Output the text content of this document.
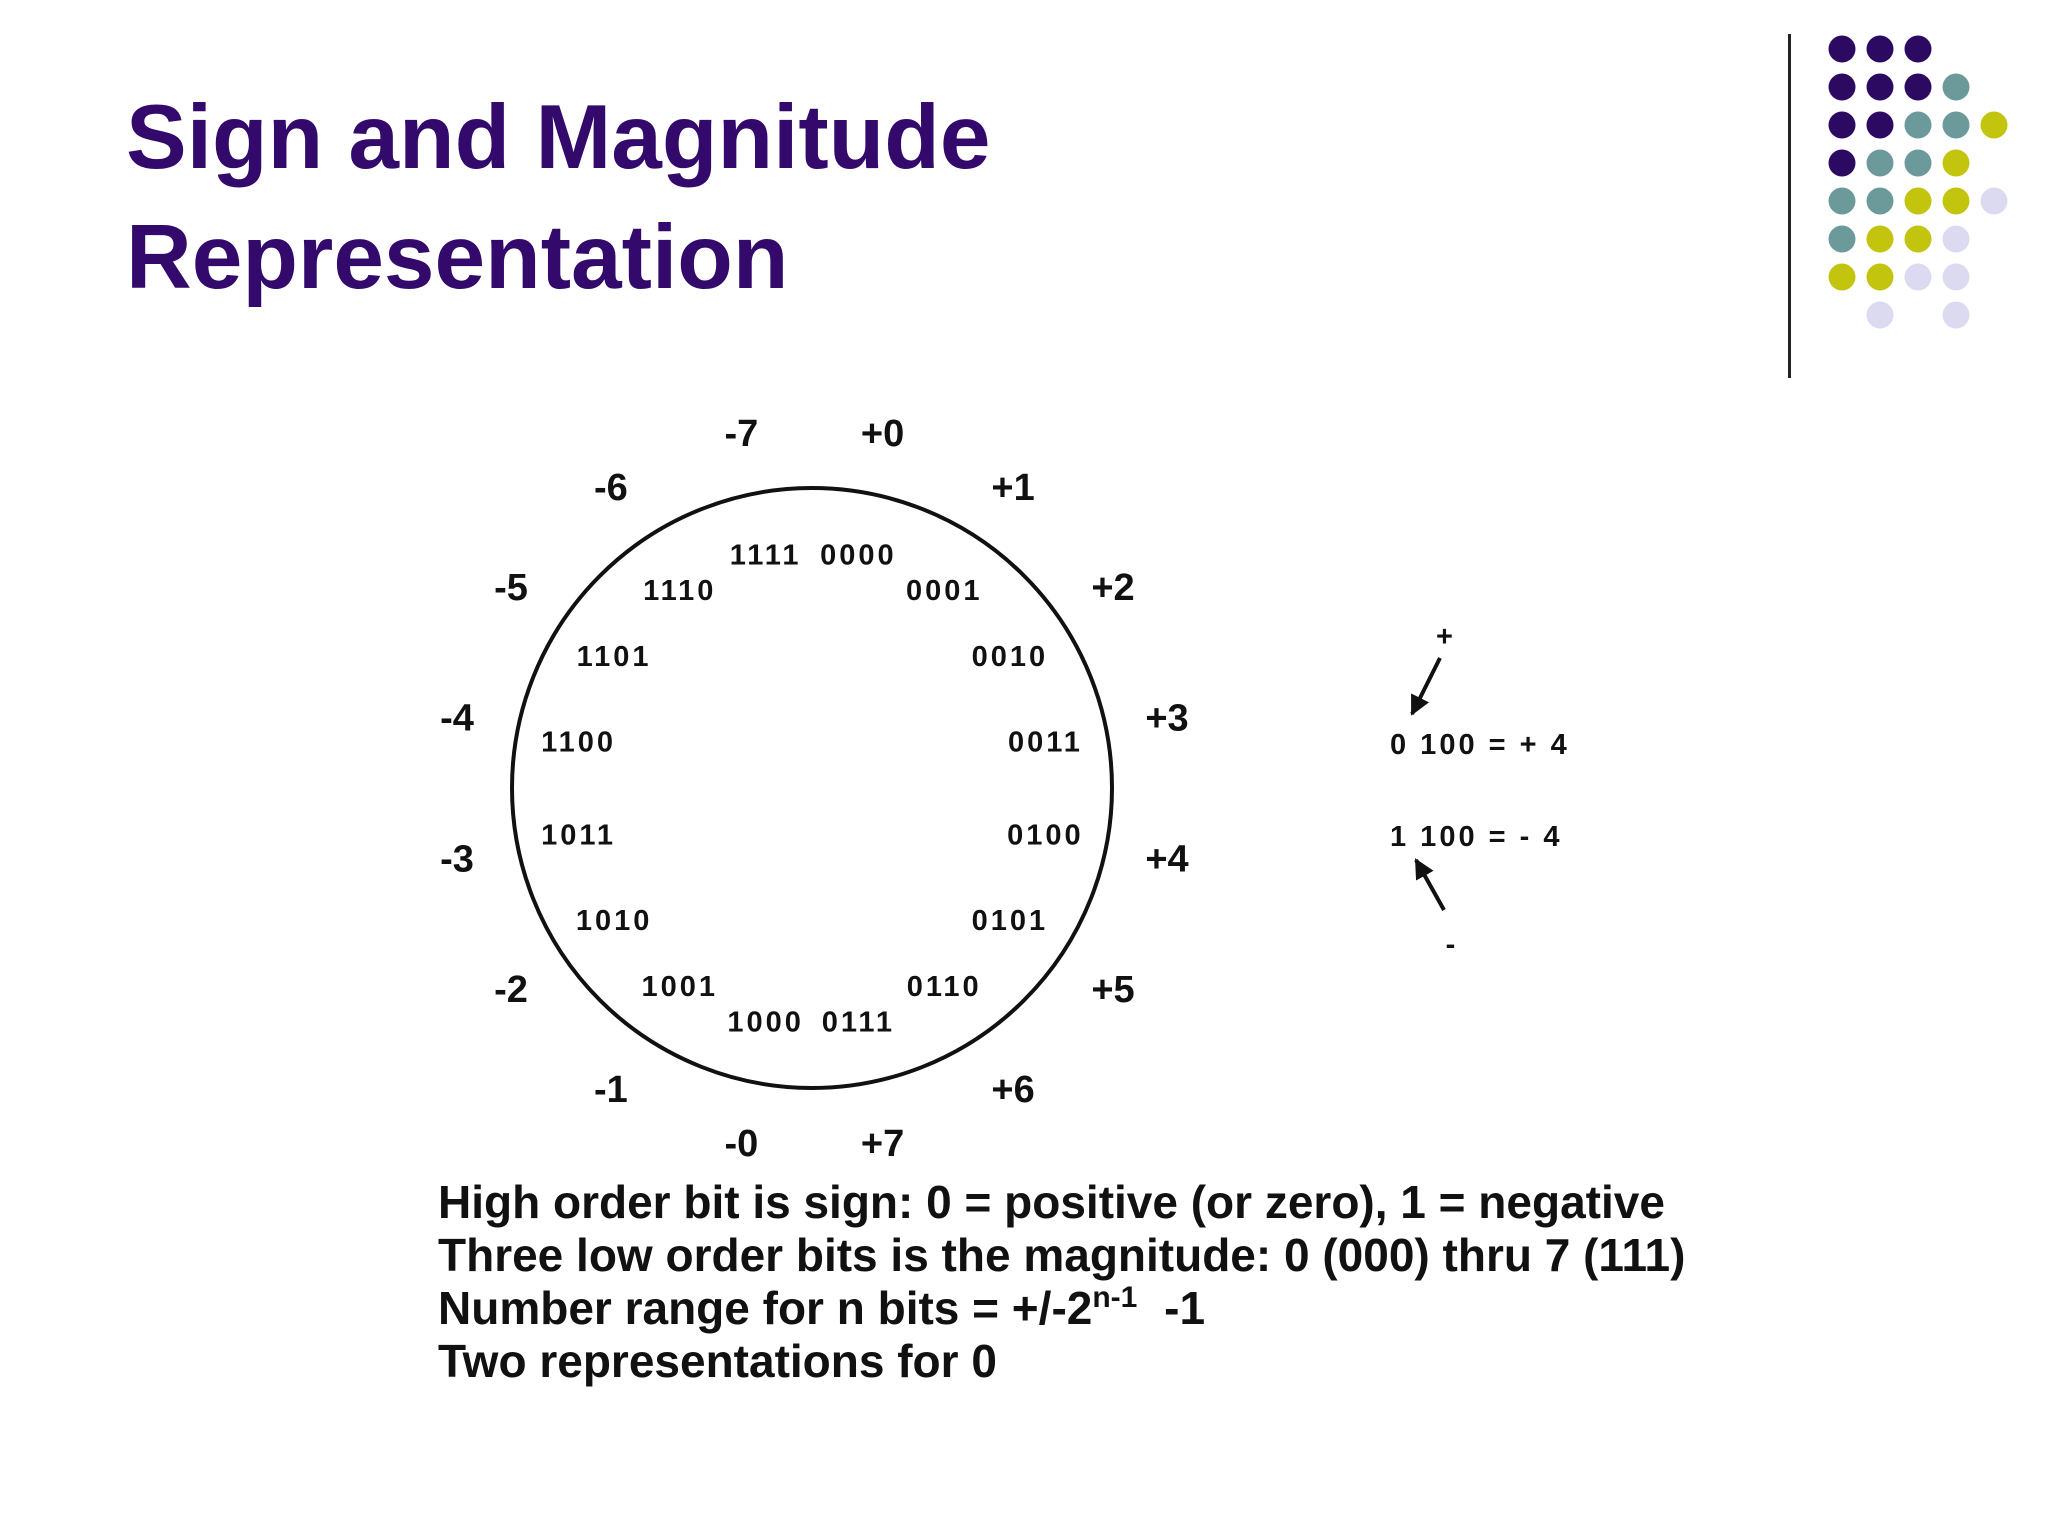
Sign and Magnitude
Representation
0000
+0
0001
+1
0010
+2
0011
+3
0100
+4
0101
+5
0110
+6
0111
+7
1000
-0
1001
-1
1010
-2
1011
-3
1100
-4
1101
-5	1110
-6
1111
-7
+
0 100 = + 4
1 100 = - 4
-
High order bit is sign: 0 = positive (or zero), 1 = negative
Three low order bits is the magnitude: 0 (000) thru 7 (111)
Number range for n bits = $+/-2^{n-1}$ -1
Two representations for 0
